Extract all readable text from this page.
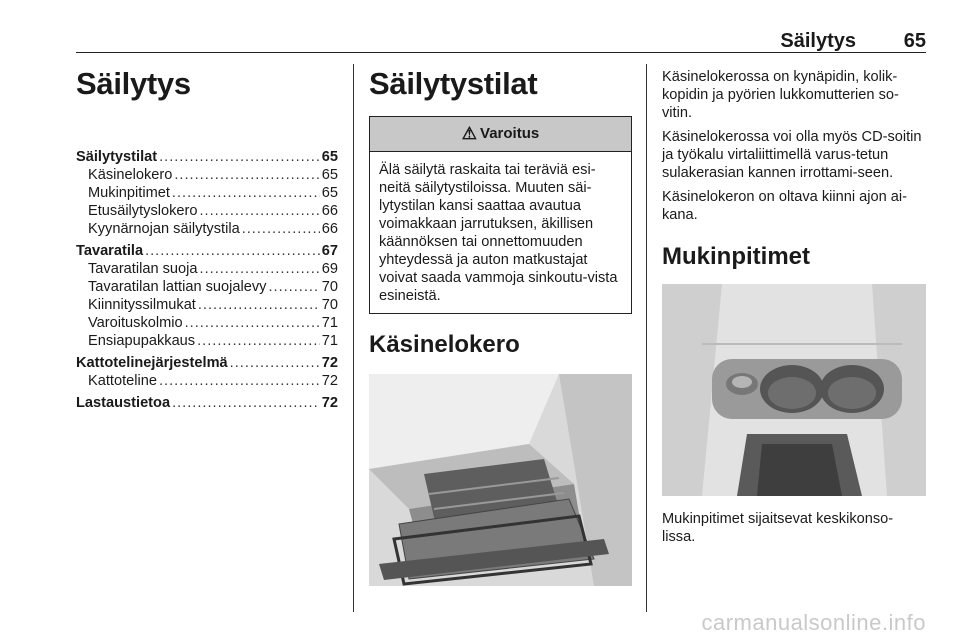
Säilytys 65
Säilytys
Säilytystilat .....	65
Käsinelokero .....	65
Mukinpitimet .....	65
Etusäilytyslokero .....	66
Kyynärnojan säilytystila .....	66
Tavaratila .....	67
Tavaratilan suoja .....	69
Tavaratilan lattian suojalevy .....	70
Kiinnityssilmukat .....	70
Varoituskolmio .....	71
Ensiapupakkaus .....	71
Kattotelinejärjestelmä .....	72
Kattoteline .....	72
Lastaustietoa .....	72
Säilytystilat
⚠ Varoitus
Älä säilytä raskaita tai teräviä esi-neitä säilytystiloissa. Muuten säi-lytystilan kansi saattaa avautua voimakkaan jarrutuksen, äkillisen käännöksen tai onnettomuuden yhteydessä ja auton matkustajat voivat saada vammoja sinkoutu-vista esineistä.
Käsinelokero

Käsinelokerossa on kynäpidin, kolik-kopidin ja pyörien lukkomutterien so-vitin.

Käsinelokerossa voi olla myös CD-soitin ja työkalu virtaliittimellä varus-tetun sulakerasian kannen irrottami-seen.

Käsinelokeron on oltava kiinni ajon ai-kana.

Mukinpitimet

Mukinpitimet sijaitsevat keskikonso-lissa.

carmanualsonline.info
